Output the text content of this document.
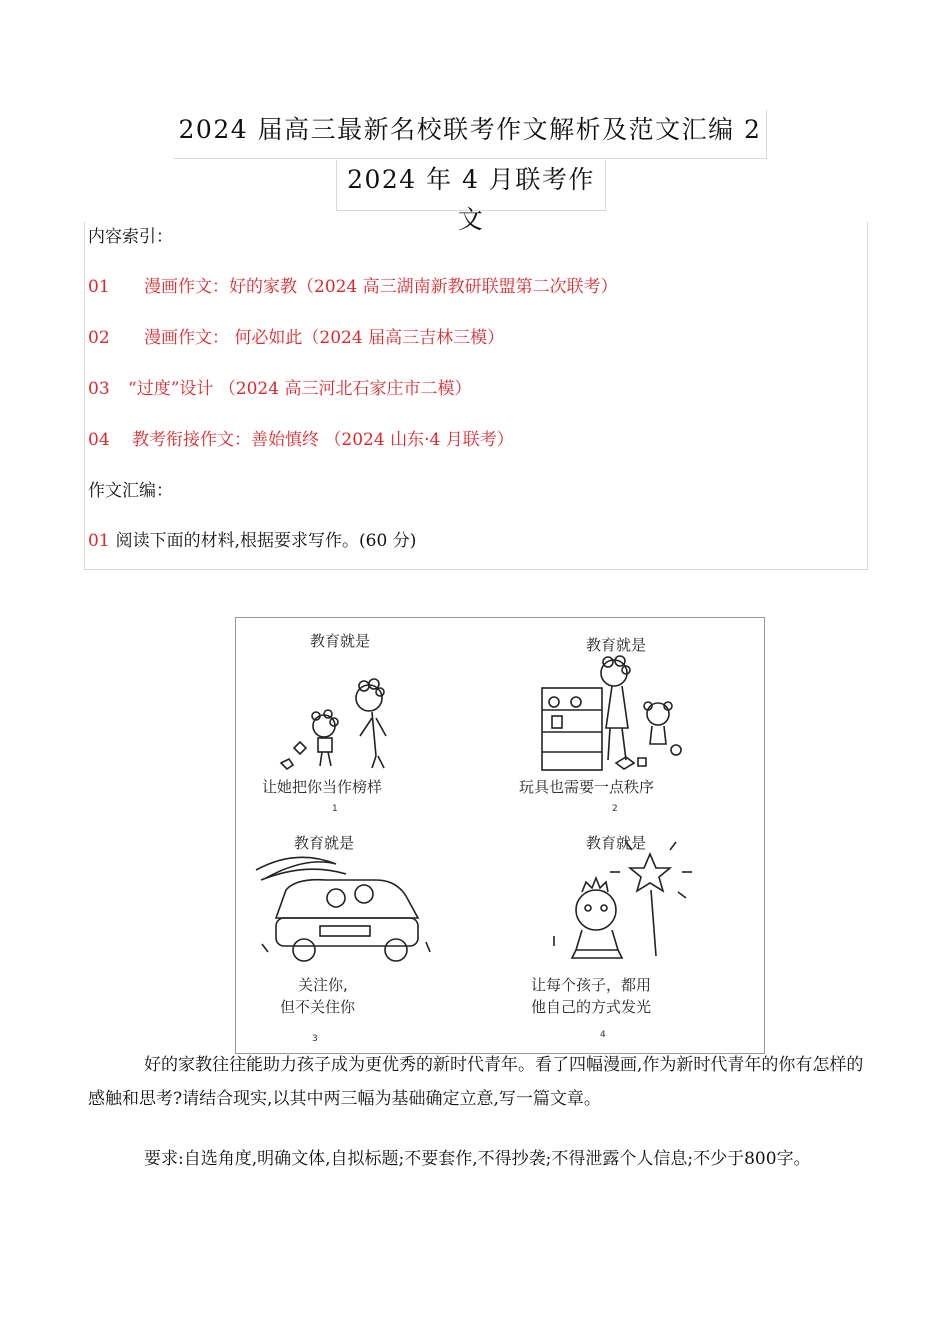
2024 届高三最新名校联考作文解析及范文汇编 2
2024 年 4 月联考作文
内容索引：
01 漫画作文：好的家教（2024 高三湖南新教研联盟第二次联考）
02 漫画作文： 何必如此（2024 届高三吉林三模）
03 “过度”设计 （2024 高三河北石家庄市二模）
04 教考衔接作文：善始慎终 （2024 山东·4 月联考）
作文汇编：
01 阅读下面的材料,根据要求写作。(60 分)
教育就是
让她把你当作榜样
1
教育就是
玩具也需要一点秩序
2
教育就是
关注你,
但不关住你
3
教育就是
让每个孩子，都用
他自己的方式发光
4

好的家教往往能助力孩子成为更优秀的新时代青年。看了四幅漫画,作为新时代青年的你有怎样的感触和思考?请结合现实,以其中两三幅为基础确定立意,写一篇文章。

要求:自选角度,明确文体,自拟标题;不要套作,不得抄袭;不得泄露个人信息;不少于800字。
